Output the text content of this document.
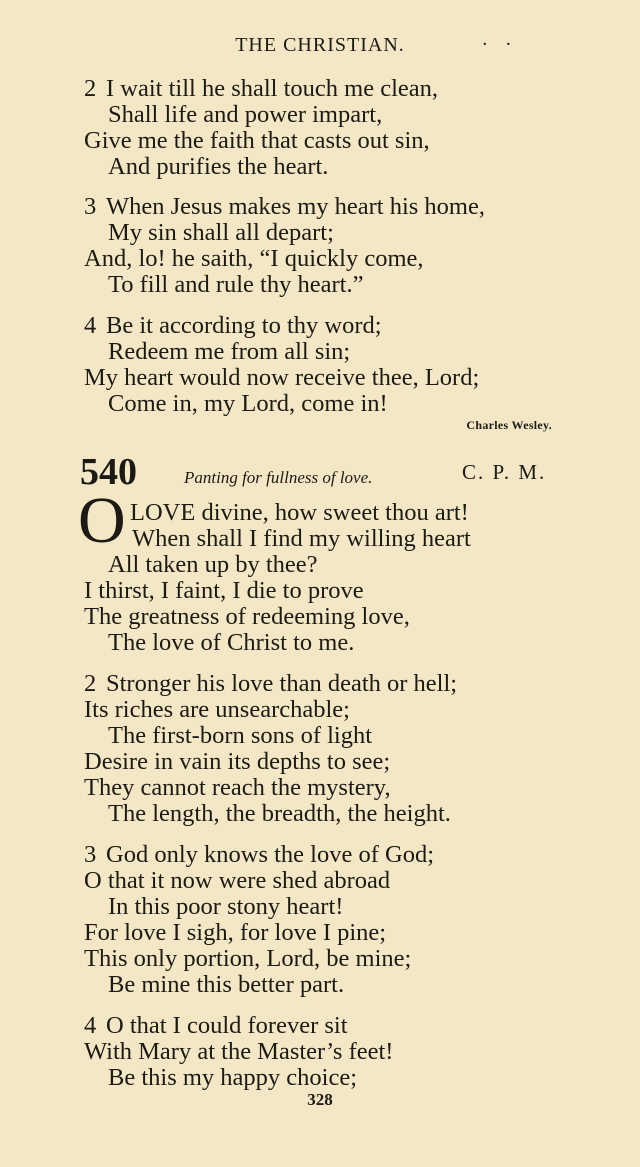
THE CHRISTIAN.	· ·
2 I wait till he shall touch me clean,
Shall life and power impart,
Give me the faith that casts out sin,
And purifies the heart.
3 When Jesus makes my heart his home,
My sin shall all depart;
And, lo! he saith, “I quickly come,
To fill and rule thy heart.”
4 Be it according to thy word;
Redeem me from all sin;
My heart would now receive thee, Lord;
Come in, my Lord, come in!
Charles Wesley.
540	Panting for fullness of love.	C. P. M.
O LOVE divine, how sweet thou art!
When shall I find my willing heart
All taken up by thee?
I thirst, I faint, I die to prove
The greatness of redeeming love,
The love of Christ to me.
2 Stronger his love than death or hell;
Its riches are unsearchable;
The first-born sons of light
Desire in vain its depths to see;
They cannot reach the mystery,
The length, the breadth, the height.
3 God only knows the love of God;
O that it now were shed abroad
In this poor stony heart!
For love I sigh, for love I pine;
This only portion, Lord, be mine;
Be mine this better part.
4 O that I could forever sit
With Mary at the Master’s feet!
Be this my happy choice;
328
